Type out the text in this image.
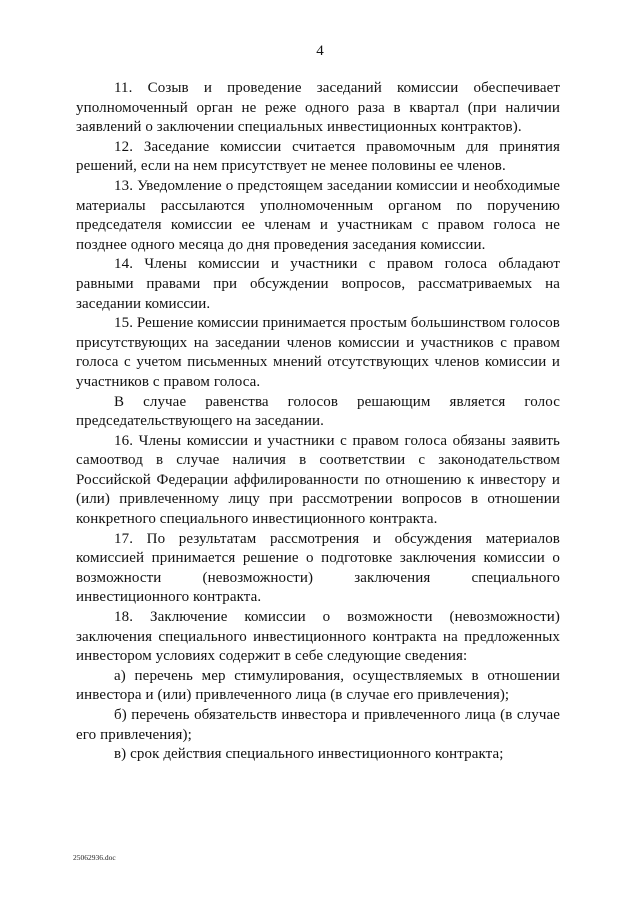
4

11. Созыв и проведение заседаний комиссии обеспечивает уполномоченный орган не реже одного раза в квартал (при наличии заявлений о заключении специальных инвестиционных контрактов).

12. Заседание комиссии считается правомочным для принятия решений, если на нем присутствует не менее половины ее членов.

13. Уведомление о предстоящем заседании комиссии и необходимые материалы рассылаются уполномоченным органом по поручению председателя комиссии ее членам и участникам с правом голоса не позднее одного месяца до дня проведения заседания комиссии.

14. Члены комиссии и участники с правом голоса обладают равными правами при обсуждении вопросов, рассматриваемых на заседании комиссии.

15. Решение комиссии принимается простым большинством голосов присутствующих на заседании членов комиссии и участников с правом голоса с учетом письменных мнений отсутствующих членов комиссии и участников с правом голоса.

В случае равенства голосов решающим является голос председательствующего на заседании.

16. Члены комиссии и участники с правом голоса обязаны заявить самоотвод в случае наличия в соответствии с законодательством Российской Федерации аффилированности по отношению к инвестору и (или) привлеченному лицу при рассмотрении вопросов в отношении конкретного специального инвестиционного контракта.

17. По результатам рассмотрения и обсуждения материалов комиссией принимается решение о подготовке заключения комиссии о возможности (невозможности) заключения специального инвестиционного контракта.

18. Заключение комиссии о возможности (невозможности) заключения специального инвестиционного контракта на предложенных инвестором условиях содержит в себе следующие сведения:

а) перечень мер стимулирования, осуществляемых в отношении инвестора и (или) привлеченного лица (в случае его привлечения);

б) перечень обязательств инвестора и привлеченного лица (в случае его привлечения);

в) срок действия специального инвестиционного контракта;

25062936.doc
